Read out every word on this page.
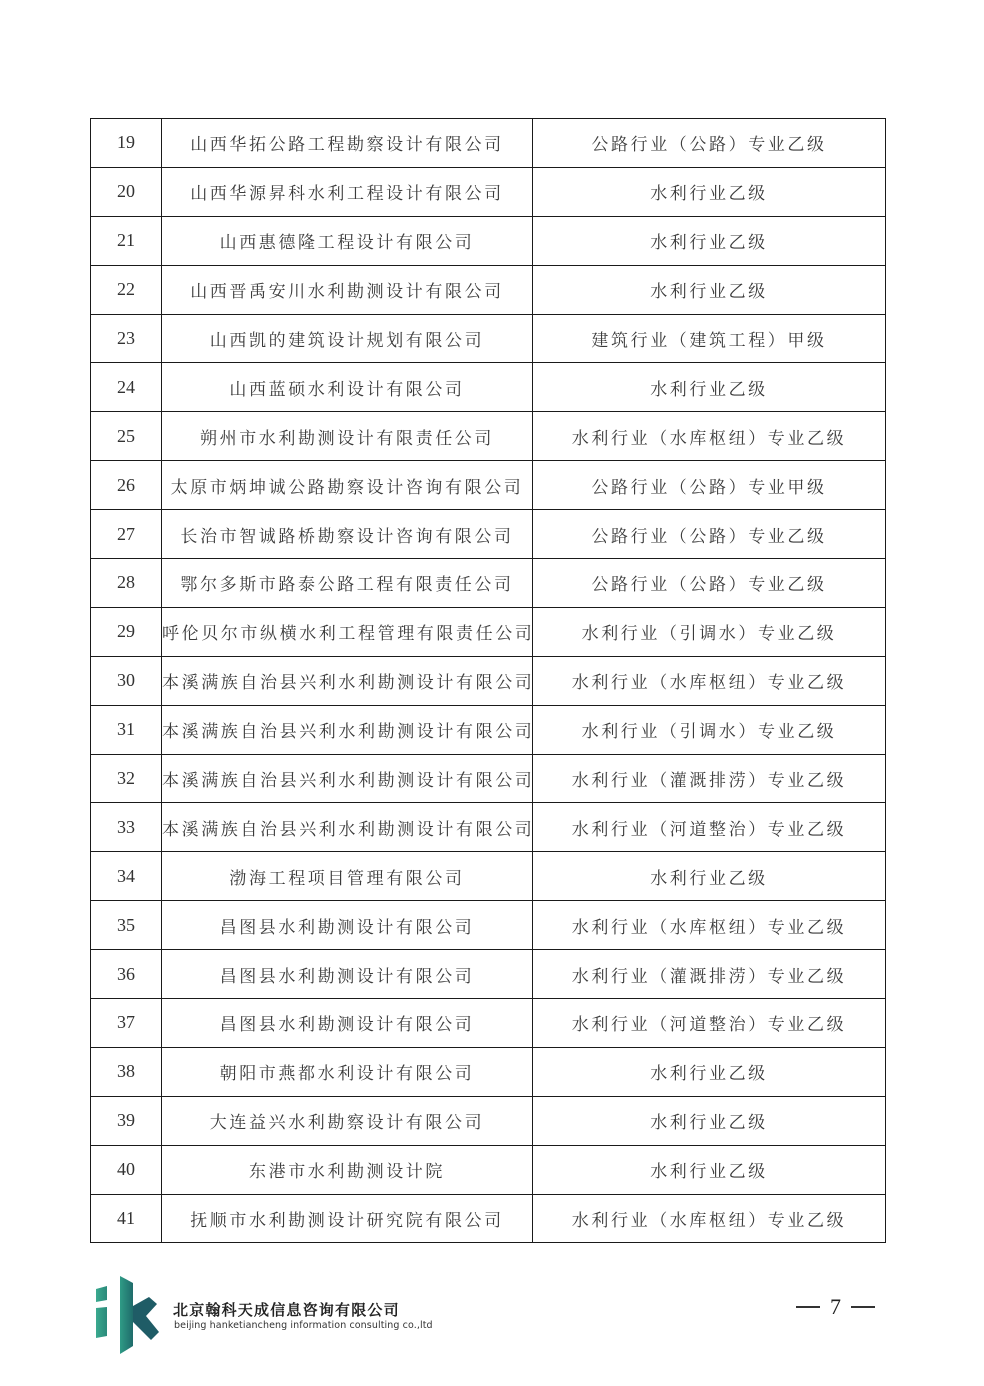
19	山西华拓公路工程勘察设计有限公司	公路行业（公路）专业乙级
20	山西华源昇科水利工程设计有限公司	水利行业乙级
21	山西惠德隆工程设计有限公司	水利行业乙级
22	山西晋禹安川水利勘测设计有限公司	水利行业乙级
23	山西凯的建筑设计规划有限公司	建筑行业（建筑工程）甲级
24	山西蓝硕水利设计有限公司	水利行业乙级
25	朔州市水利勘测设计有限责任公司	水利行业（水库枢纽）专业乙级
26	太原市炳坤诚公路勘察设计咨询有限公司	公路行业（公路）专业甲级
27	长治市智诚路桥勘察设计咨询有限公司	公路行业（公路）专业乙级
28	鄂尔多斯市路泰公路工程有限责任公司	公路行业（公路）专业乙级
29	呼伦贝尔市纵横水利工程管理有限责任公司	水利行业（引调水）专业乙级
30	本溪满族自治县兴利水利勘测设计有限公司	水利行业（水库枢纽）专业乙级
31	本溪满族自治县兴利水利勘测设计有限公司	水利行业（引调水）专业乙级
32	本溪满族自治县兴利水利勘测设计有限公司	水利行业（灌溉排涝）专业乙级
33	本溪满族自治县兴利水利勘测设计有限公司	水利行业（河道整治）专业乙级
34	渤海工程项目管理有限公司	水利行业乙级
35	昌图县水利勘测设计有限公司	水利行业（水库枢纽）专业乙级
36	昌图县水利勘测设计有限公司	水利行业（灌溉排涝）专业乙级
37	昌图县水利勘测设计有限公司	水利行业（河道整治）专业乙级
38	朝阳市燕都水利设计有限公司	水利行业乙级
39	大连益兴水利勘察设计有限公司	水利行业乙级
40	东港市水利勘测设计院	水利行业乙级
41	抚顺市水利勘测设计研究院有限公司	水利行业（水库枢纽）专业乙级
北京翰科天成信息咨询有限公司
beijing hanketiancheng information consulting co.,ltd
7
